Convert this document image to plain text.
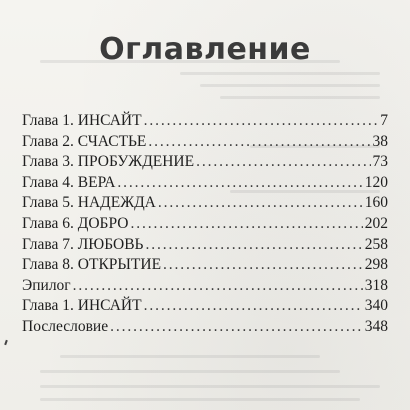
Оглавление
Глава 1. ИНСАЙТ . . .	7
Глава 2. СЧАСТЬЕ . . .	38
Глава 3. ПРОБУЖДЕНИЕ . . .	73
Глава 4. ВЕРА . . .	120
Глава 5. НАДЕЖДА . . .	160
Глава 6. ДОБРО . . .	202
Глава 7. ЛЮБОВЬ . . .	258
Глава 8. ОТКРЫТИЕ . . .	298
Эпилог . . .	318
Глава 1. ИНСАЙТ . . .	340
Послесловие . . .	348
